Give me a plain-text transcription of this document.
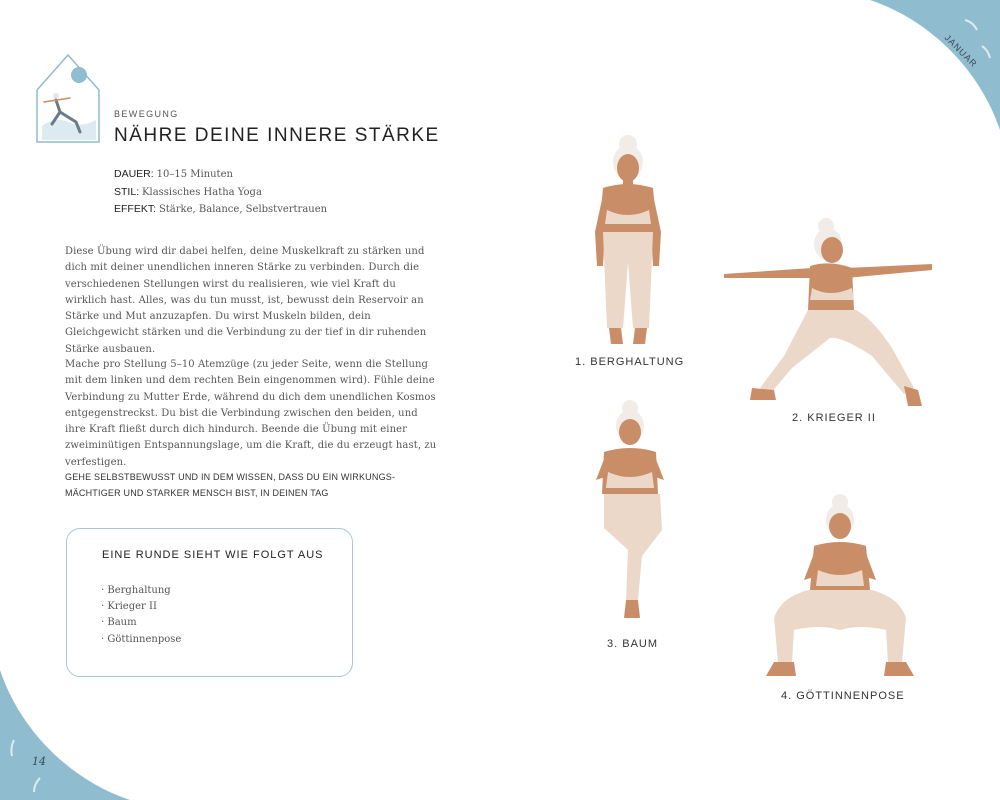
JANUAR
14
BEWEGUNG
NÄHRE DEINE INNERE STÄRKE
DAUER: 10–15 Minuten
STIL: Klassisches Hatha Yoga
EFFEKT: Stärke, Balance, Selbstvertrauen

Diese Übung wird dir dabei helfen, deine Muskelkraft zu stärken und dich mit deiner unendlichen inneren Stärke zu verbinden. Durch die verschiedenen Stellungen wirst du realisieren, wie viel Kraft du wirklich hast. Alles, was du tun musst, ist, bewusst dein Reservoir an Stärke und Mut anzuzapfen. Du wirst Muskeln bilden, dein Gleichgewicht stärken und die Verbindung zu der tief in dir ruhenden Stärke ausbauen.

Mache pro Stellung 5–10 Atemzüge (zu jeder Seite, wenn die Stellung mit dem linken und dem rechten Bein eingenommen wird). Fühle deine Verbindung zu Mutter Erde, während du dich dem unendlichen Kosmos entgegenstreckst. Du bist die Verbindung zwischen den beiden, und ihre Kraft fließt durch dich hindurch. Beende die Übung mit einer zweiminütigen Entspannungslage, um die Kraft, die du erzeugt hast, zu verfestigen.

GEHE SELBSTBEWUSST UND IN DEM WISSEN, DASS DU EIN WIRKUNGSMÄCHTIGER UND STARKER MENSCH BIST, IN DEINEN TAG

EINE RUNDE SIEHT WIE FOLGT AUS
· Berghaltung
· Krieger II
· Baum
· Göttinnenpose
1. BERGHALTUNG
2. KRIEGER II
3. BAUM
4. GÖTTINNENPOSE
